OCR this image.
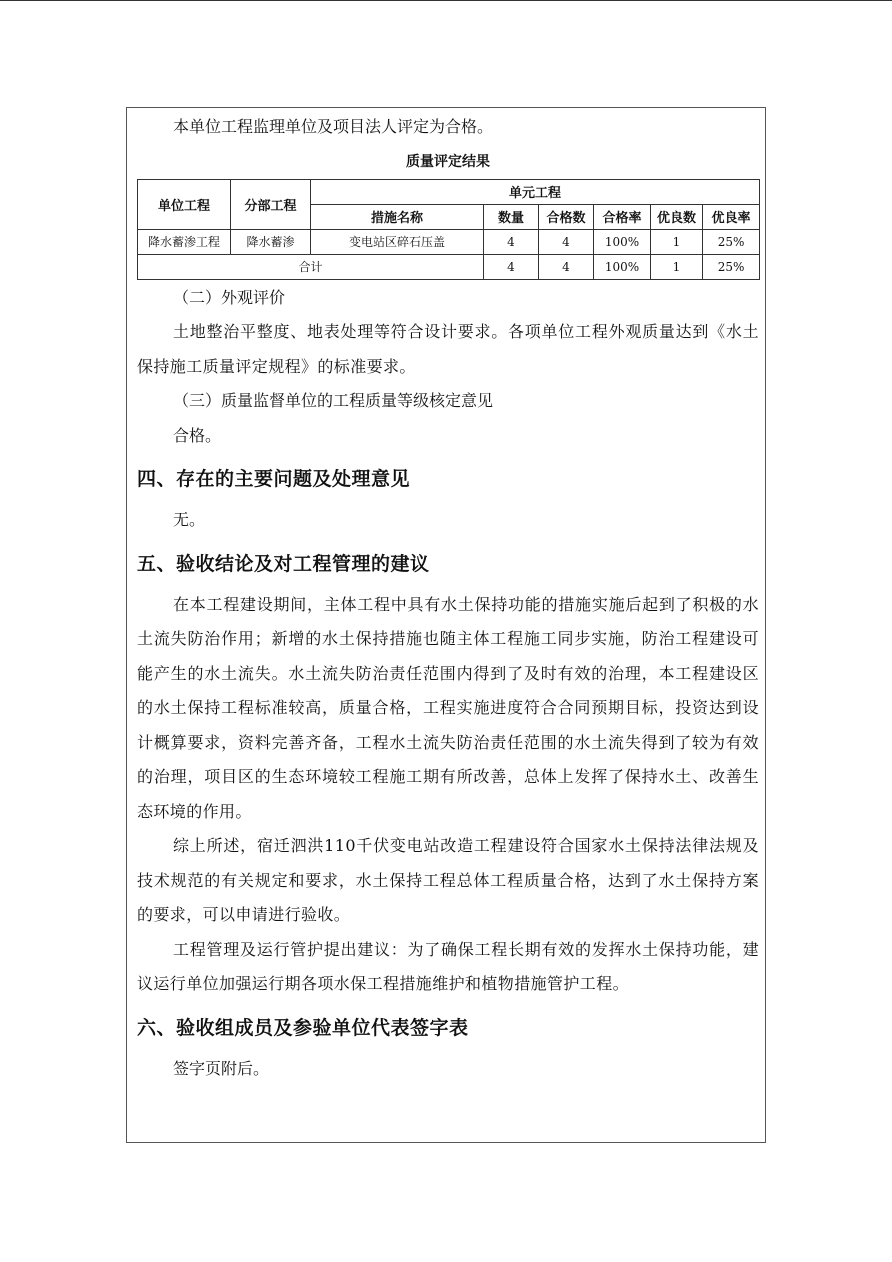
本单位工程监理单位及项目法人评定为合格。

质量评定结果

单位工程	分部工程	单元工程					
		措施名称	数量	合格数	合格率	优良数	优良率
降水蓄渗工程	降水蓄渗	变电站区碎石压盖	4	4	100%	1	25%
合计			4	4	100%	1	25%

（二）外观评价

土地整治平整度、地表处理等符合设计要求。各项单位工程外观质量达到《水土保持施工质量评定规程》的标准要求。

（三）质量监督单位的工程质量等级核定意见

合格。

四、存在的主要问题及处理意见

无。

五、验收结论及对工程管理的建议

在本工程建设期间，主体工程中具有水土保持功能的措施实施后起到了积极的水土流失防治作用；新增的水土保持措施也随主体工程施工同步实施，防治工程建设可能产生的水土流失。水土流失防治责任范围内得到了及时有效的治理，本工程建设区的水土保持工程标准较高，质量合格，工程实施进度符合合同预期目标，投资达到设计概算要求，资料完善齐备，工程水土流失防治责任范围的水土流失得到了较为有效的治理，项目区的生态环境较工程施工期有所改善，总体上发挥了保持水土、改善生态环境的作用。

综上所述，宿迁泗洪110千伏变电站改造工程建设符合国家水土保持法律法规及技术规范的有关规定和要求，水土保持工程总体工程质量合格，达到了水土保持方案的要求，可以申请进行验收。

工程管理及运行管护提出建议：为了确保工程长期有效的发挥水土保持功能，建议运行单位加强运行期各项水保工程措施维护和植物措施管护工程。

六、验收组成员及参验单位代表签字表

签字页附后。
